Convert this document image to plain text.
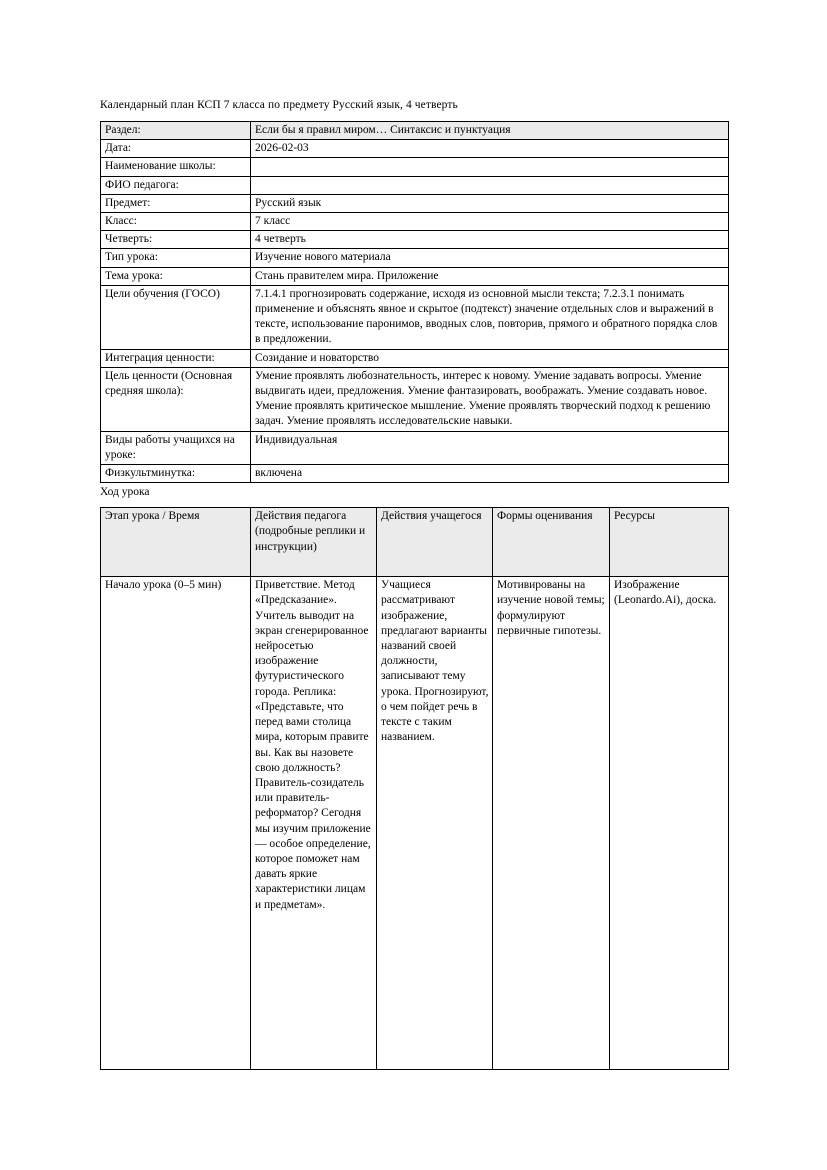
Календарный план КСП 7 класса по предмету Русский язык, 4 четверть

Раздел:	Если бы я правил миром… Синтаксис и пунктуация
Дата:	2026-02-03
Наименование школы:	
ФИО педагога:	
Предмет:	Русский язык
Класс:	7 класс
Четверть:	4 четверть
Тип урока:	Изучение нового материала
Тема урока:	Стань правителем мира. Приложение
Цели обучения (ГОСО)	7.1.4.1 прогнозировать содержание, исходя из основной мысли текста; 7.2.3.1 понимать применение и объяснять явное и скрытое (подтекст) значение отдельных слов и выражений в тексте, использование паронимов, вводных слов, повторив, прямого и обратного порядка слов в предложении.
Интеграция ценности:	Созидание и новаторство
Цель ценности (Основная средняя школа):	Умение проявлять любознательность, интерес к новому. Умение задавать вопросы. Умение выдвигать идеи, предложения. Умение фантазировать, воображать. Умение создавать новое. Умение проявлять критическое мышление. Умение проявлять творческий подход к решению задач. Умение проявлять исследовательские навыки.
Виды работы учащихся на уроке:	Индивидуальная
Физкультминутка:	включена

Ход урока

Этап урока / Время	Действия педагога (подробные реплики и инструкции)	Действия учащегося	Формы оценивания	Ресурсы
Начало урока (0–5 мин)	Приветствие. Метод «Предсказание». Учитель выводит на экран сгенерированное нейросетью изображение футуристического города. Реплика: «Представьте, что перед вами столица мира, которым правите вы. Как вы назовете свою должность? Правитель-созидатель или правитель-реформатор? Сегодня мы изучим приложение — особое определение, которое поможет нам давать яркие характеристики лицам и предметам».	Учащиеся рассматривают изображение, предлагают варианты названий своей должности, записывают тему урока. Прогнозируют, о чем пойдет речь в тексте с таким названием.	Мотивированы на изучение новой темы; формулируют первичные гипотезы.	Изображение (Leonardo.Ai), доска.
